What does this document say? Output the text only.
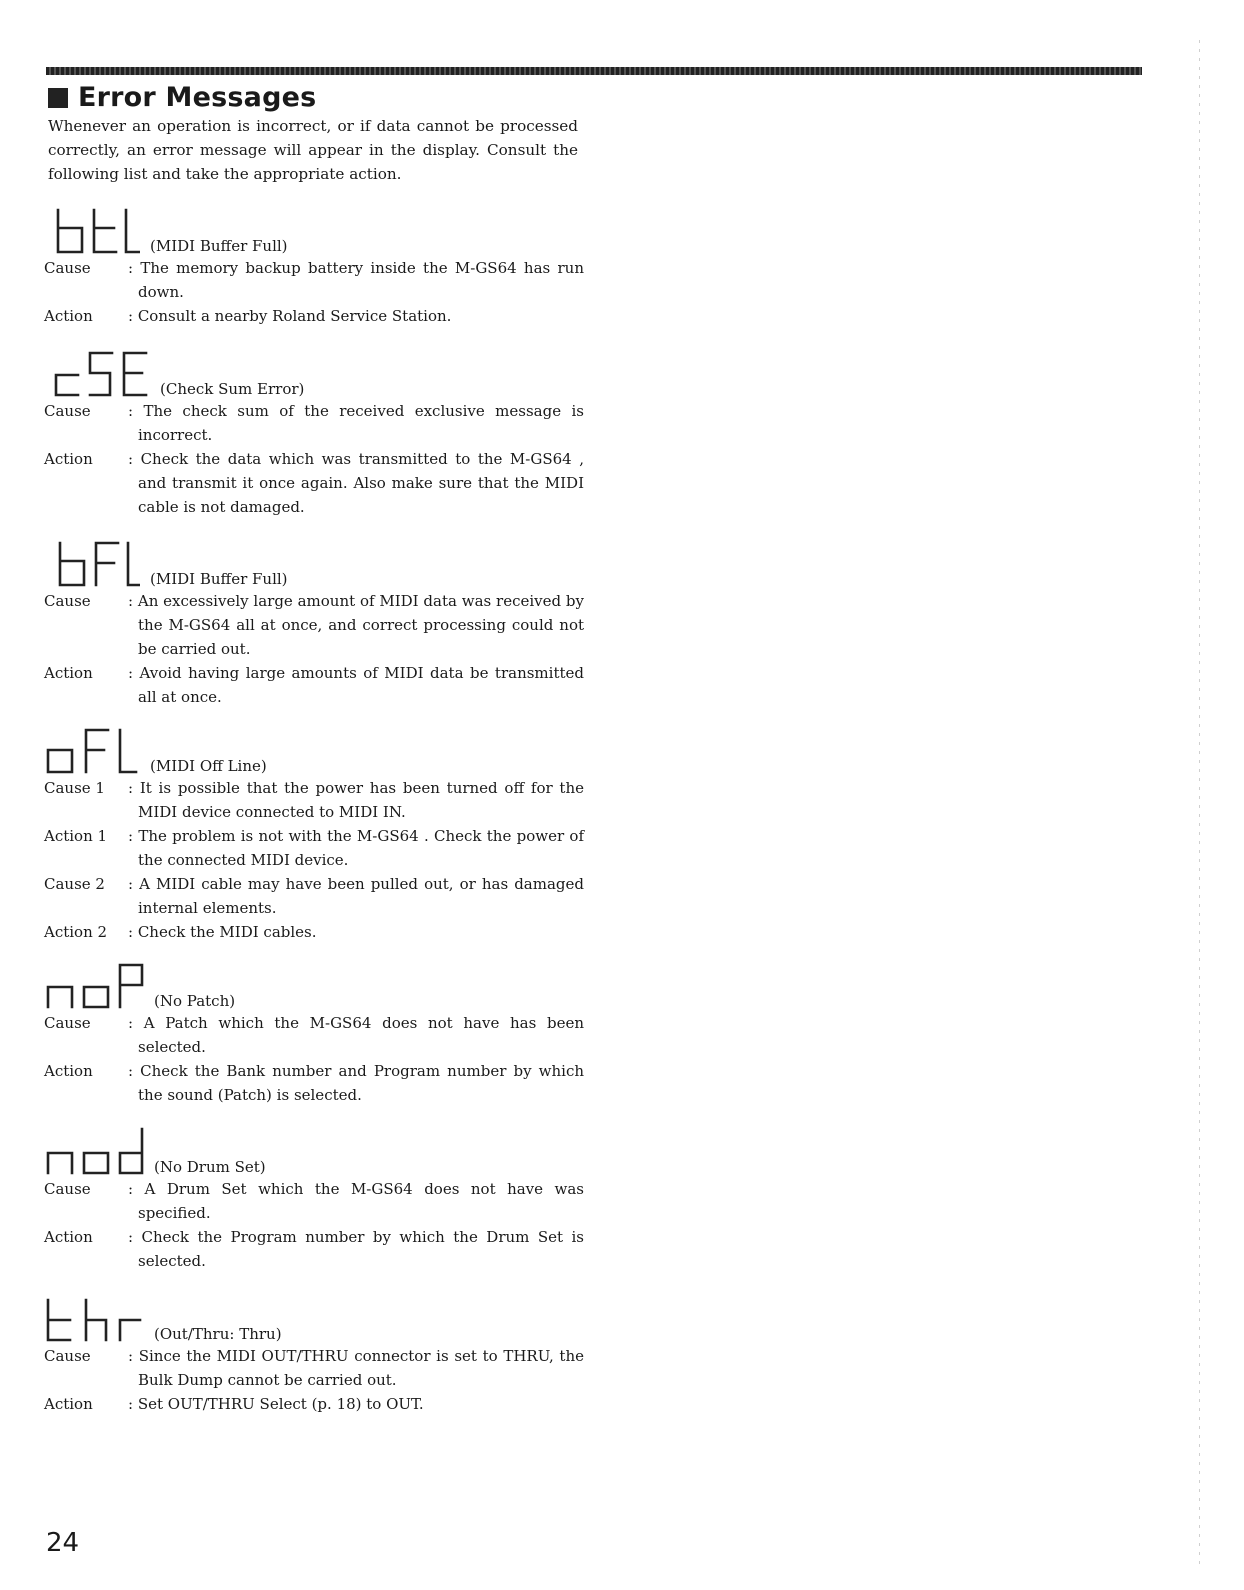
Error Messages
Whenever an operation is incorrect, or if data cannot be processed correctly, an error message will appear in the display. Consult the following list and take the appropriate action.
(MIDI Buffer Full)
Cause	: The memory backup battery inside the M-GS64 has run down.
Action	: Consult a nearby Roland Service Station.
(Check Sum Error)
Cause	: The check sum of the received exclusive message is incorrect.
Action	: Check the data which was transmitted to the M-GS64 , and transmit it once again. Also make sure that the MIDI cable is not damaged.
(MIDI Buffer Full)
Cause	: An excessively large amount of MIDI data was received by the M-GS64 all at once, and correct processing could not be carried out.
Action	: Avoid having large amounts of MIDI data be transmitted all at once.
(MIDI Off Line)
Cause 1	: It is possible that the power has been turned off for the MIDI device connected to MIDI IN.
Action 1	: The problem is not with the M-GS64 . Check the power of the connected MIDI device.
Cause 2	: A MIDI cable may have been pulled out, or has damaged internal elements.
Action 2	: Check the MIDI cables.
(No Patch)
Cause	: A Patch which the M-GS64 does not have has been selected.
Action	: Check the Bank number and Program number by which the sound (Patch) is selected.
(No Drum Set)
Cause	: A Drum Set which the M-GS64 does not have was specified.
Action	: Check the Program number by which the Drum Set is selected.
(Out/Thru: Thru)
Cause	: Since the MIDI OUT/THRU connector is set to THRU, the Bulk Dump cannot be carried out.
Action	: Set OUT/THRU Select (p. 18) to OUT.
24
